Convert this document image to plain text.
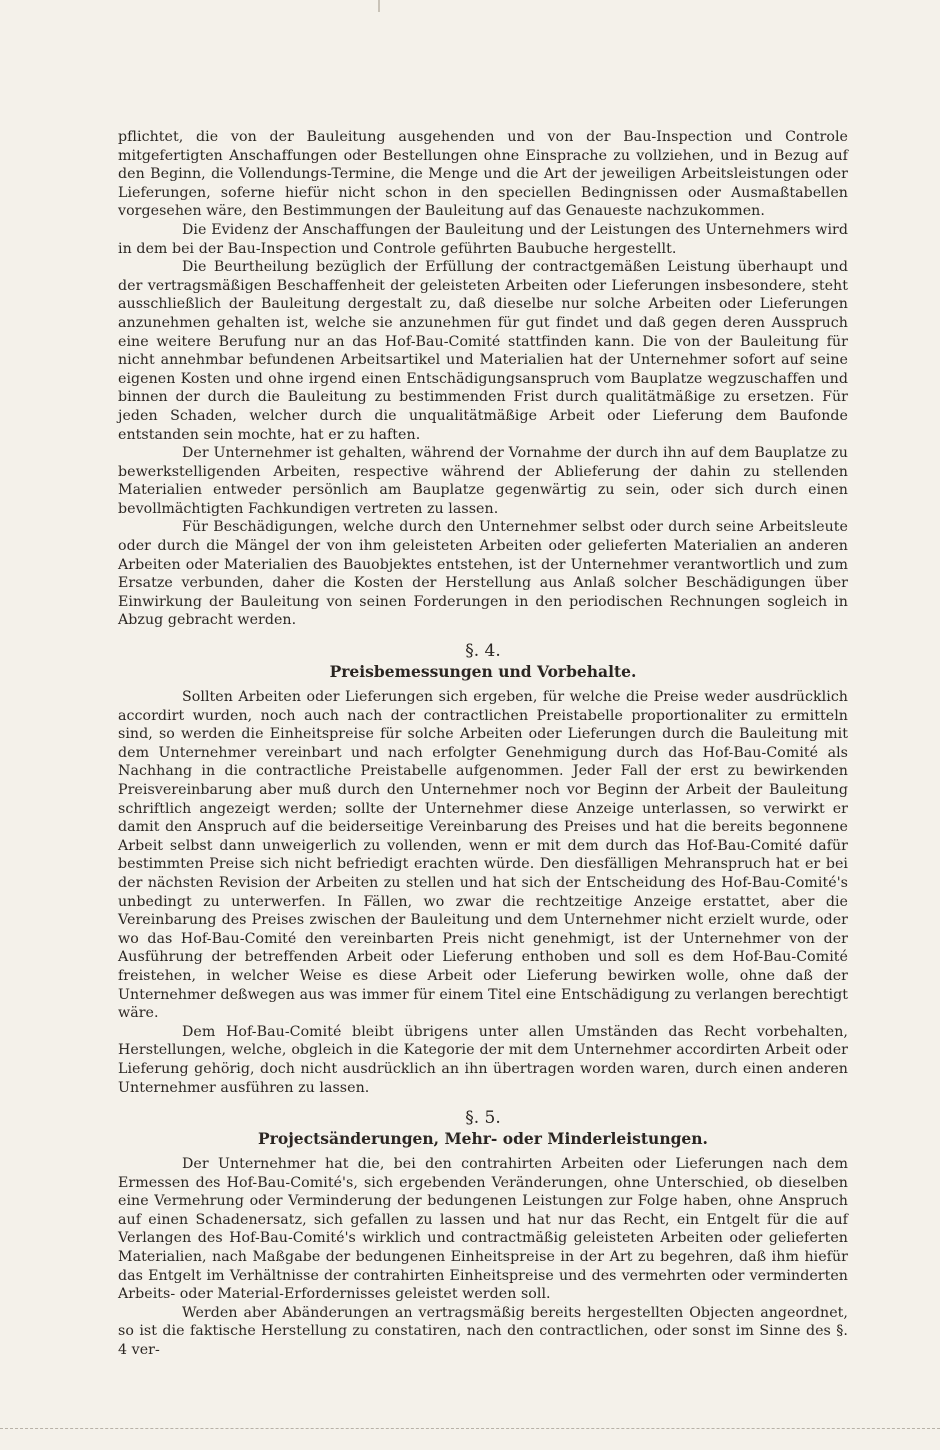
pflichtet, die von der Bauleitung ausgehenden und von der Bau-Inspection und Controle mitgefertigten Anschaffungen oder Bestellungen ohne Einsprache zu vollziehen, und in Bezug auf den Beginn, die Vollendungs-Termine, die Menge und die Art der jeweiligen Arbeitsleistungen oder Lieferungen, soferne hiefür nicht schon in den speciellen Bedingnissen oder Ausmaßtabellen vorgesehen wäre, den Bestimmungen der Bauleitung auf das Genaueste nachzukommen.

Die Evidenz der Anschaffungen der Bauleitung und der Leistungen des Unternehmers wird in dem bei der Bau-Inspection und Controle geführten Baubuche hergestellt.

Die Beurtheilung bezüglich der Erfüllung der contractgemäßen Leistung überhaupt und der vertragsmäßigen Beschaffenheit der geleisteten Arbeiten oder Lieferungen insbesondere, steht ausschließlich der Bauleitung dergestalt zu, daß dieselbe nur solche Arbeiten oder Lieferungen anzunehmen gehalten ist, welche sie anzunehmen für gut findet und daß gegen deren Ausspruch eine weitere Berufung nur an das Hof-Bau-Comité stattfinden kann. Die von der Bauleitung für nicht annehmbar befundenen Arbeitsartikel und Materialien hat der Unternehmer sofort auf seine eigenen Kosten und ohne irgend einen Entschädigungsanspruch vom Bauplatze wegzuschaffen und binnen der durch die Bauleitung zu bestimmenden Frist durch qualitätmäßige zu ersetzen. Für jeden Schaden, welcher durch die unqualitätmäßige Arbeit oder Lieferung dem Baufonde entstanden sein mochte, hat er zu haften.

Der Unternehmer ist gehalten, während der Vornahme der durch ihn auf dem Bauplatze zu bewerkstelligenden Arbeiten, respective während der Ablieferung der dahin zu stellenden Materialien entweder persönlich am Bauplatze gegenwärtig zu sein, oder sich durch einen bevollmächtigten Fachkundigen vertreten zu lassen.

Für Beschädigungen, welche durch den Unternehmer selbst oder durch seine Arbeitsleute oder durch die Mängel der von ihm geleisteten Arbeiten oder gelieferten Materialien an anderen Arbeiten oder Materialien des Bauobjektes entstehen, ist der Unternehmer verantwortlich und zum Ersatze verbunden, daher die Kosten der Herstellung aus Anlaß solcher Beschädigungen über Einwirkung der Bauleitung von seinen Forderungen in den periodischen Rechnungen sogleich in Abzug gebracht werden.

§. 4.
Preisbemessungen und Vorbehalte.

Sollten Arbeiten oder Lieferungen sich ergeben, für welche die Preise weder ausdrücklich accordirt wurden, noch auch nach der contractlichen Preistabelle proportionaliter zu ermitteln sind, so werden die Einheitspreise für solche Arbeiten oder Lieferungen durch die Bauleitung mit dem Unternehmer vereinbart und nach erfolgter Genehmigung durch das Hof-Bau-Comité als Nachhang in die contractliche Preistabelle aufgenommen. Jeder Fall der erst zu bewirkenden Preisvereinbarung aber muß durch den Unternehmer noch vor Beginn der Arbeit der Bauleitung schriftlich angezeigt werden; sollte der Unternehmer diese Anzeige unterlassen, so verwirkt er damit den Anspruch auf die beiderseitige Vereinbarung des Preises und hat die bereits begonnene Arbeit selbst dann unweigerlich zu vollenden, wenn er mit dem durch das Hof-Bau-Comité dafür bestimmten Preise sich nicht befriedigt erachten würde. Den diesfälligen Mehranspruch hat er bei der nächsten Revision der Arbeiten zu stellen und hat sich der Entscheidung des Hof-Bau-Comité's unbedingt zu unterwerfen. In Fällen, wo zwar die rechtzeitige Anzeige erstattet, aber die Vereinbarung des Preises zwischen der Bauleitung und dem Unternehmer nicht erzielt wurde, oder wo das Hof-Bau-Comité den vereinbarten Preis nicht genehmigt, ist der Unternehmer von der Ausführung der betreffenden Arbeit oder Lieferung enthoben und soll es dem Hof-Bau-Comité freistehen, in welcher Weise es diese Arbeit oder Lieferung bewirken wolle, ohne daß der Unternehmer deßwegen aus was immer für einem Titel eine Entschädigung zu verlangen berechtigt wäre.

Dem Hof-Bau-Comité bleibt übrigens unter allen Umständen das Recht vorbehalten, Herstellungen, welche, obgleich in die Kategorie der mit dem Unternehmer accordirten Arbeit oder Lieferung gehörig, doch nicht ausdrücklich an ihn übertragen worden waren, durch einen anderen Unternehmer ausführen zu lassen.

§. 5.
Projectsänderungen, Mehr- oder Minderleistungen.

Der Unternehmer hat die, bei den contrahirten Arbeiten oder Lieferungen nach dem Ermessen des Hof-Bau-Comité's, sich ergebenden Veränderungen, ohne Unterschied, ob dieselben eine Vermehrung oder Verminderung der bedungenen Leistungen zur Folge haben, ohne Anspruch auf einen Schadenersatz, sich gefallen zu lassen und hat nur das Recht, ein Entgelt für die auf Verlangen des Hof-Bau-Comité's wirklich und contractmäßig geleisteten Arbeiten oder gelieferten Materialien, nach Maßgabe der bedungenen Einheitspreise in der Art zu begehren, daß ihm hiefür das Entgelt im Verhältnisse der contrahirten Einheitspreise und des vermehrten oder verminderten Arbeits- oder Material-Erfordernisses geleistet werden soll.

Werden aber Abänderungen an vertragsmäßig bereits hergestellten Objecten angeordnet, so ist die faktische Herstellung zu constatiren, nach den contractlichen, oder sonst im Sinne des §. 4 ver-
